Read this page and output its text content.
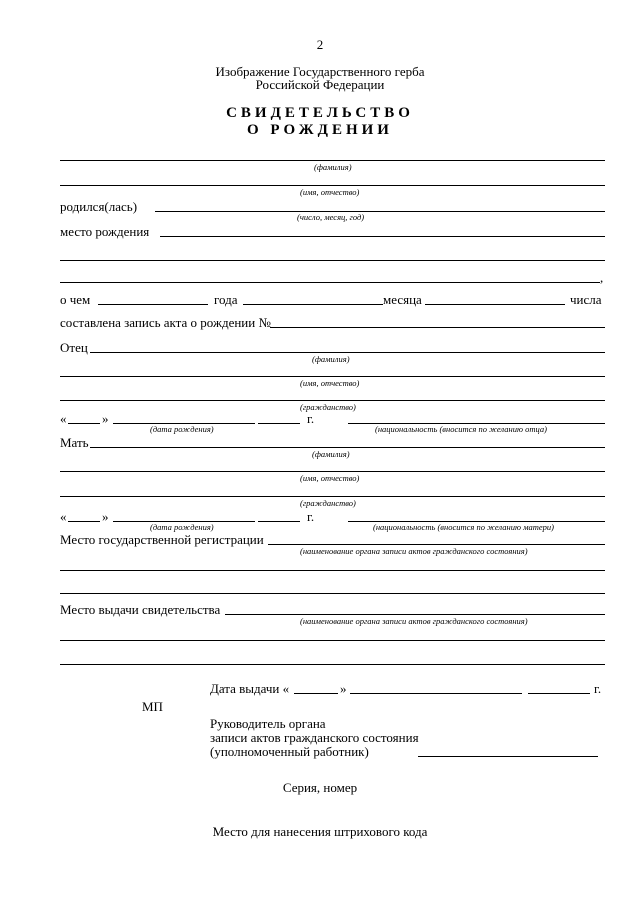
2
Изображение Государственного герба
Российской Федерации
СВИДЕТЕЛЬСТВО
О РОЖДЕНИИ
(фамилия)
(имя, отчество)
родился(лась)
(число, месяц, год)
место рождения
,
о чем	года	месяца	числа
составлена запись акта о рождении №
Отец
(фамилия)
(имя, отчество)
(гражданство)
«	»	г.
(дата рождения)	(национальность (вносится по желанию отца)
Мать
(фамилия)
(имя, отчество)
(гражданство)
«	»	г.
(дата рождения)	(национальность (вносится по желанию матери)
Место государственной регистрации
(наименование органа записи актов гражданского состояния)
Место выдачи свидетельства
(наименование органа записи актов гражданского состояния)
Дата выдачи «	»	г.
МП
Руководитель органа
записи актов гражданского состояния
(уполномоченный работник)
Серия, номер
Место для нанесения штрихового кода
